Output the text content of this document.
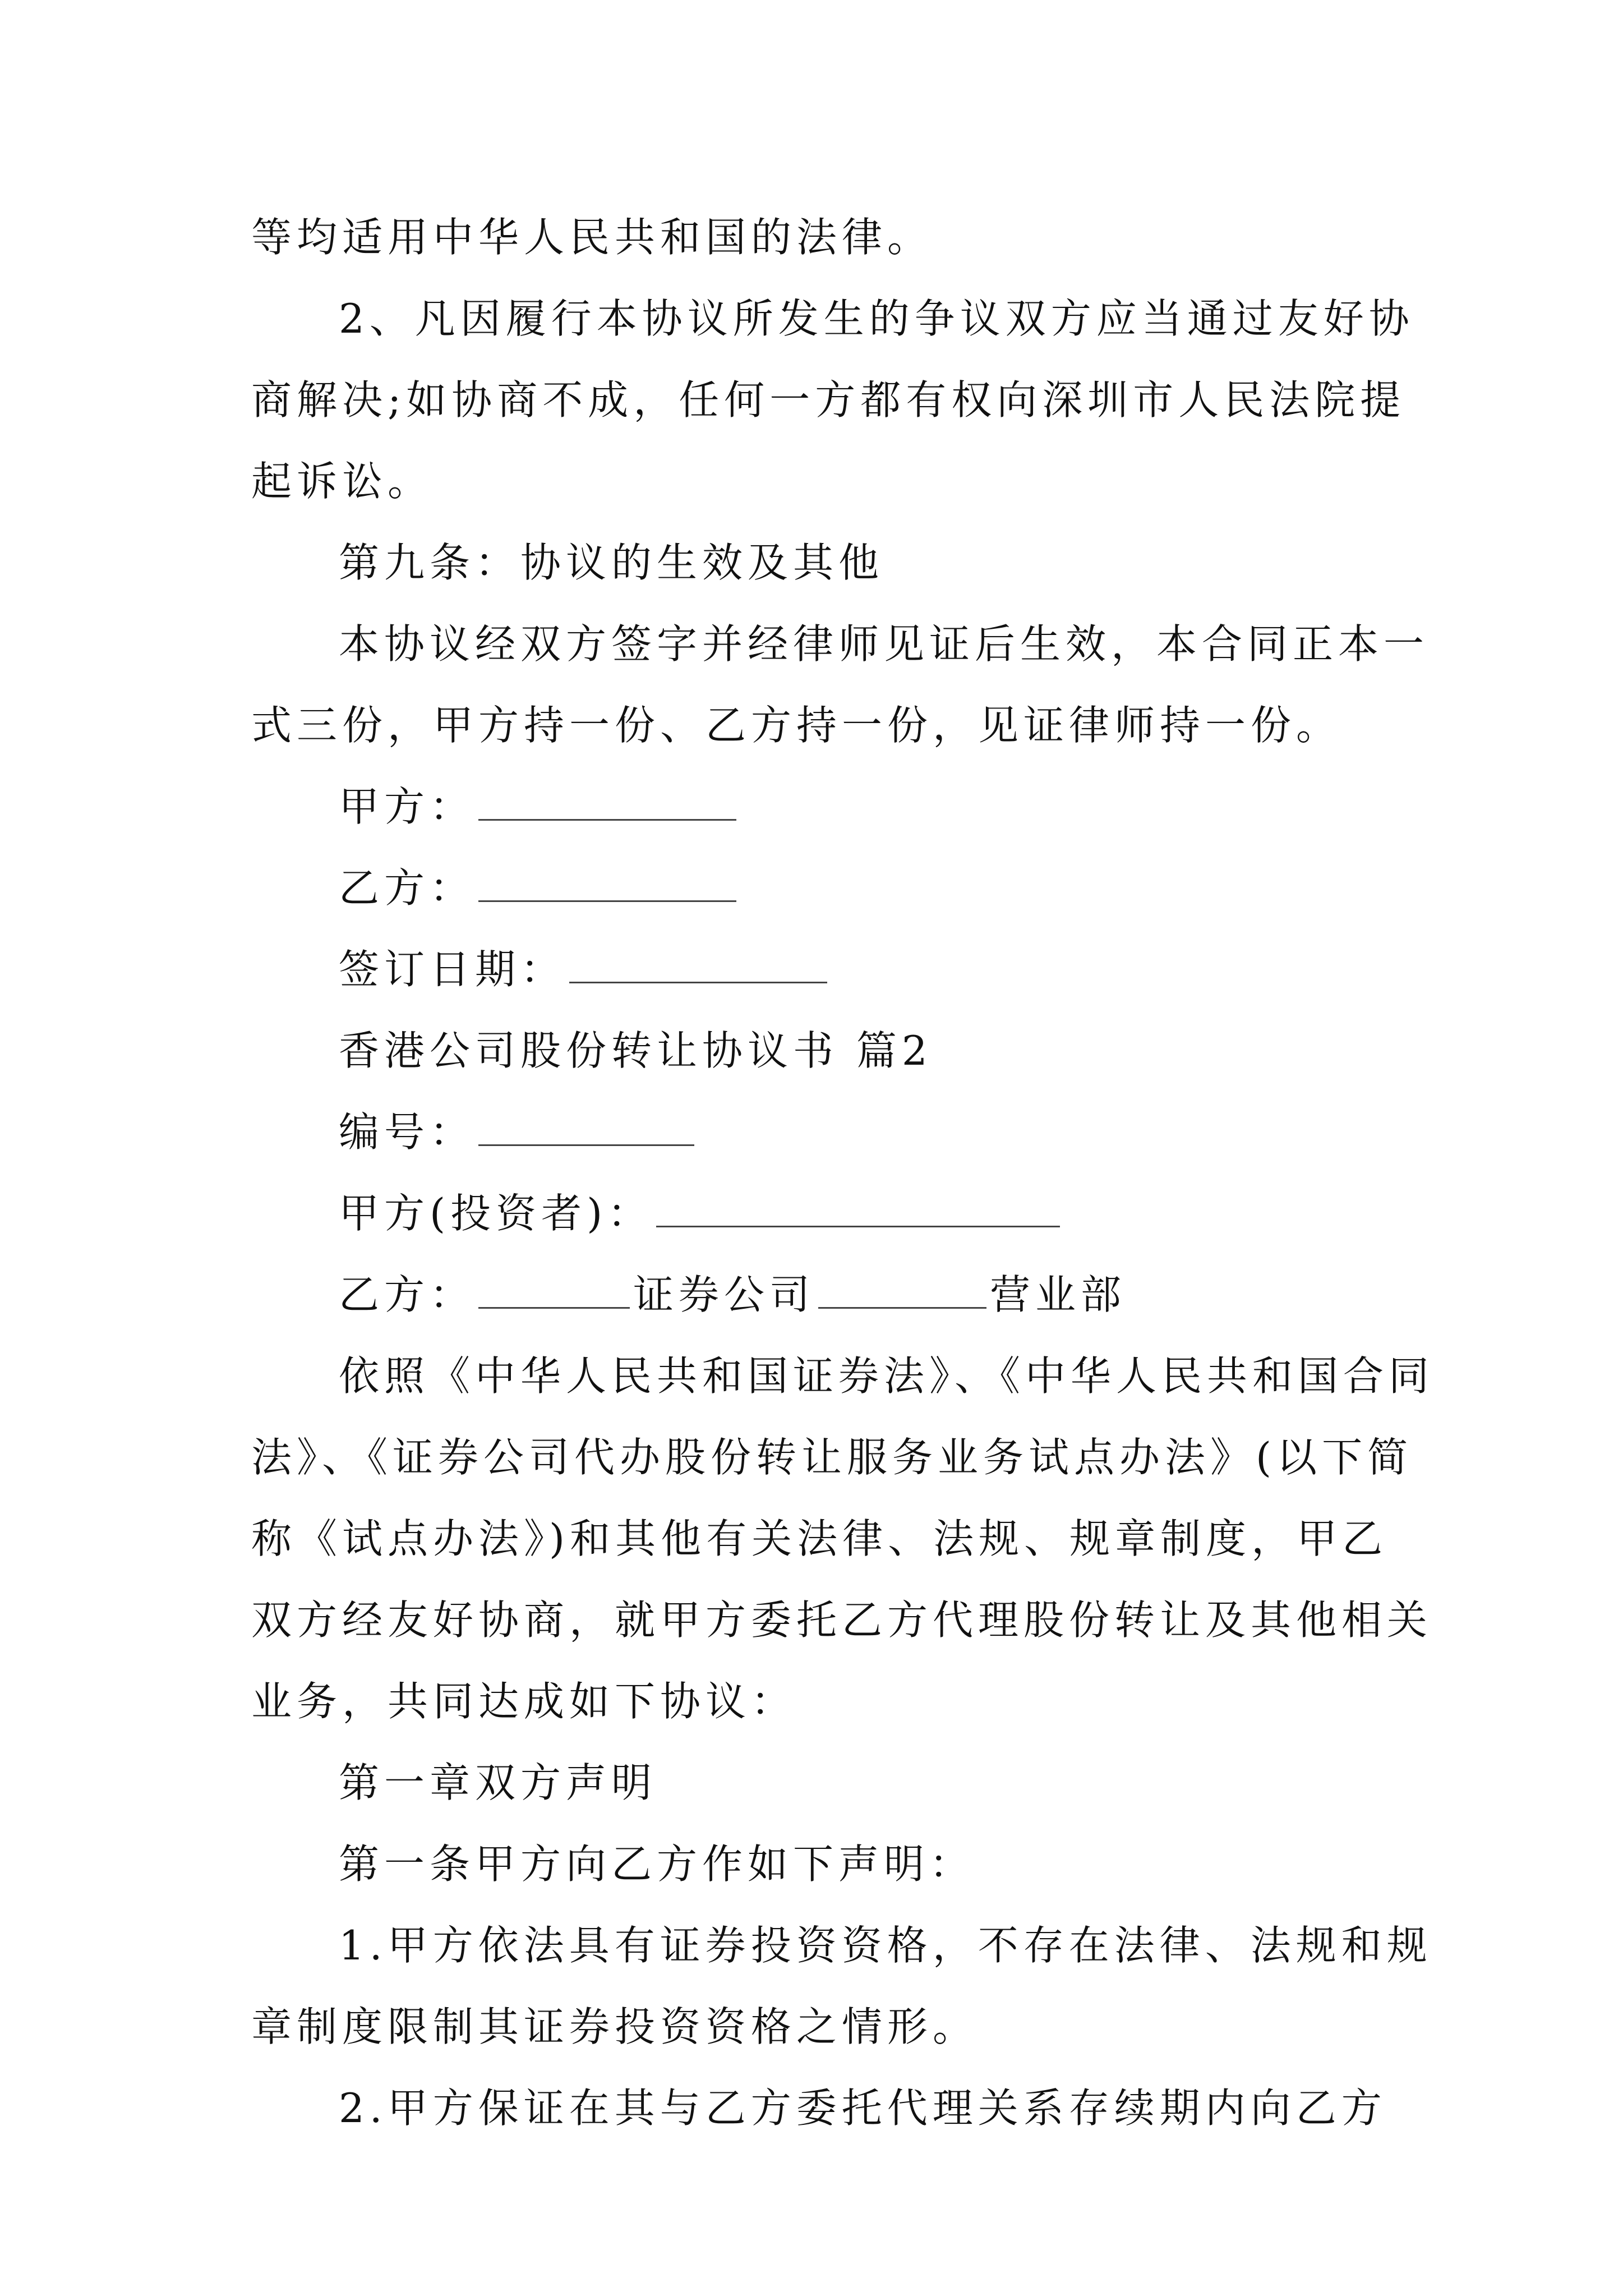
等均适用中华人民共和国的法律。

2、凡因履行本协议所发生的争议双方应当通过友好协

商解决;如协商不成，任何一方都有权向深圳市人民法院提

起诉讼。

第九条：协议的生效及其他

本协议经双方签字并经律师见证后生效，本合同正本一

式三份，甲方持一份、乙方持一份，见证律师持一份。

甲方：

乙方：

签订日期：

香港公司股份转让协议书 篇2

编号：

甲方(投资者)：

乙方：	证券公司	营业部

依照《中华人民共和国证券法》、《中华人民共和国合同

法》、《证券公司代办股份转让服务业务试点办法》(以下简

称《试点办法》)和其他有关法律、法规、规章制度，甲乙

双方经友好协商，就甲方委托乙方代理股份转让及其他相关

业务，共同达成如下协议：

第一章双方声明

第一条甲方向乙方作如下声明：

1.甲方依法具有证券投资资格，不存在法律、法规和规

章制度限制其证券投资资格之情形。

2.甲方保证在其与乙方委托代理关系存续期内向乙方
